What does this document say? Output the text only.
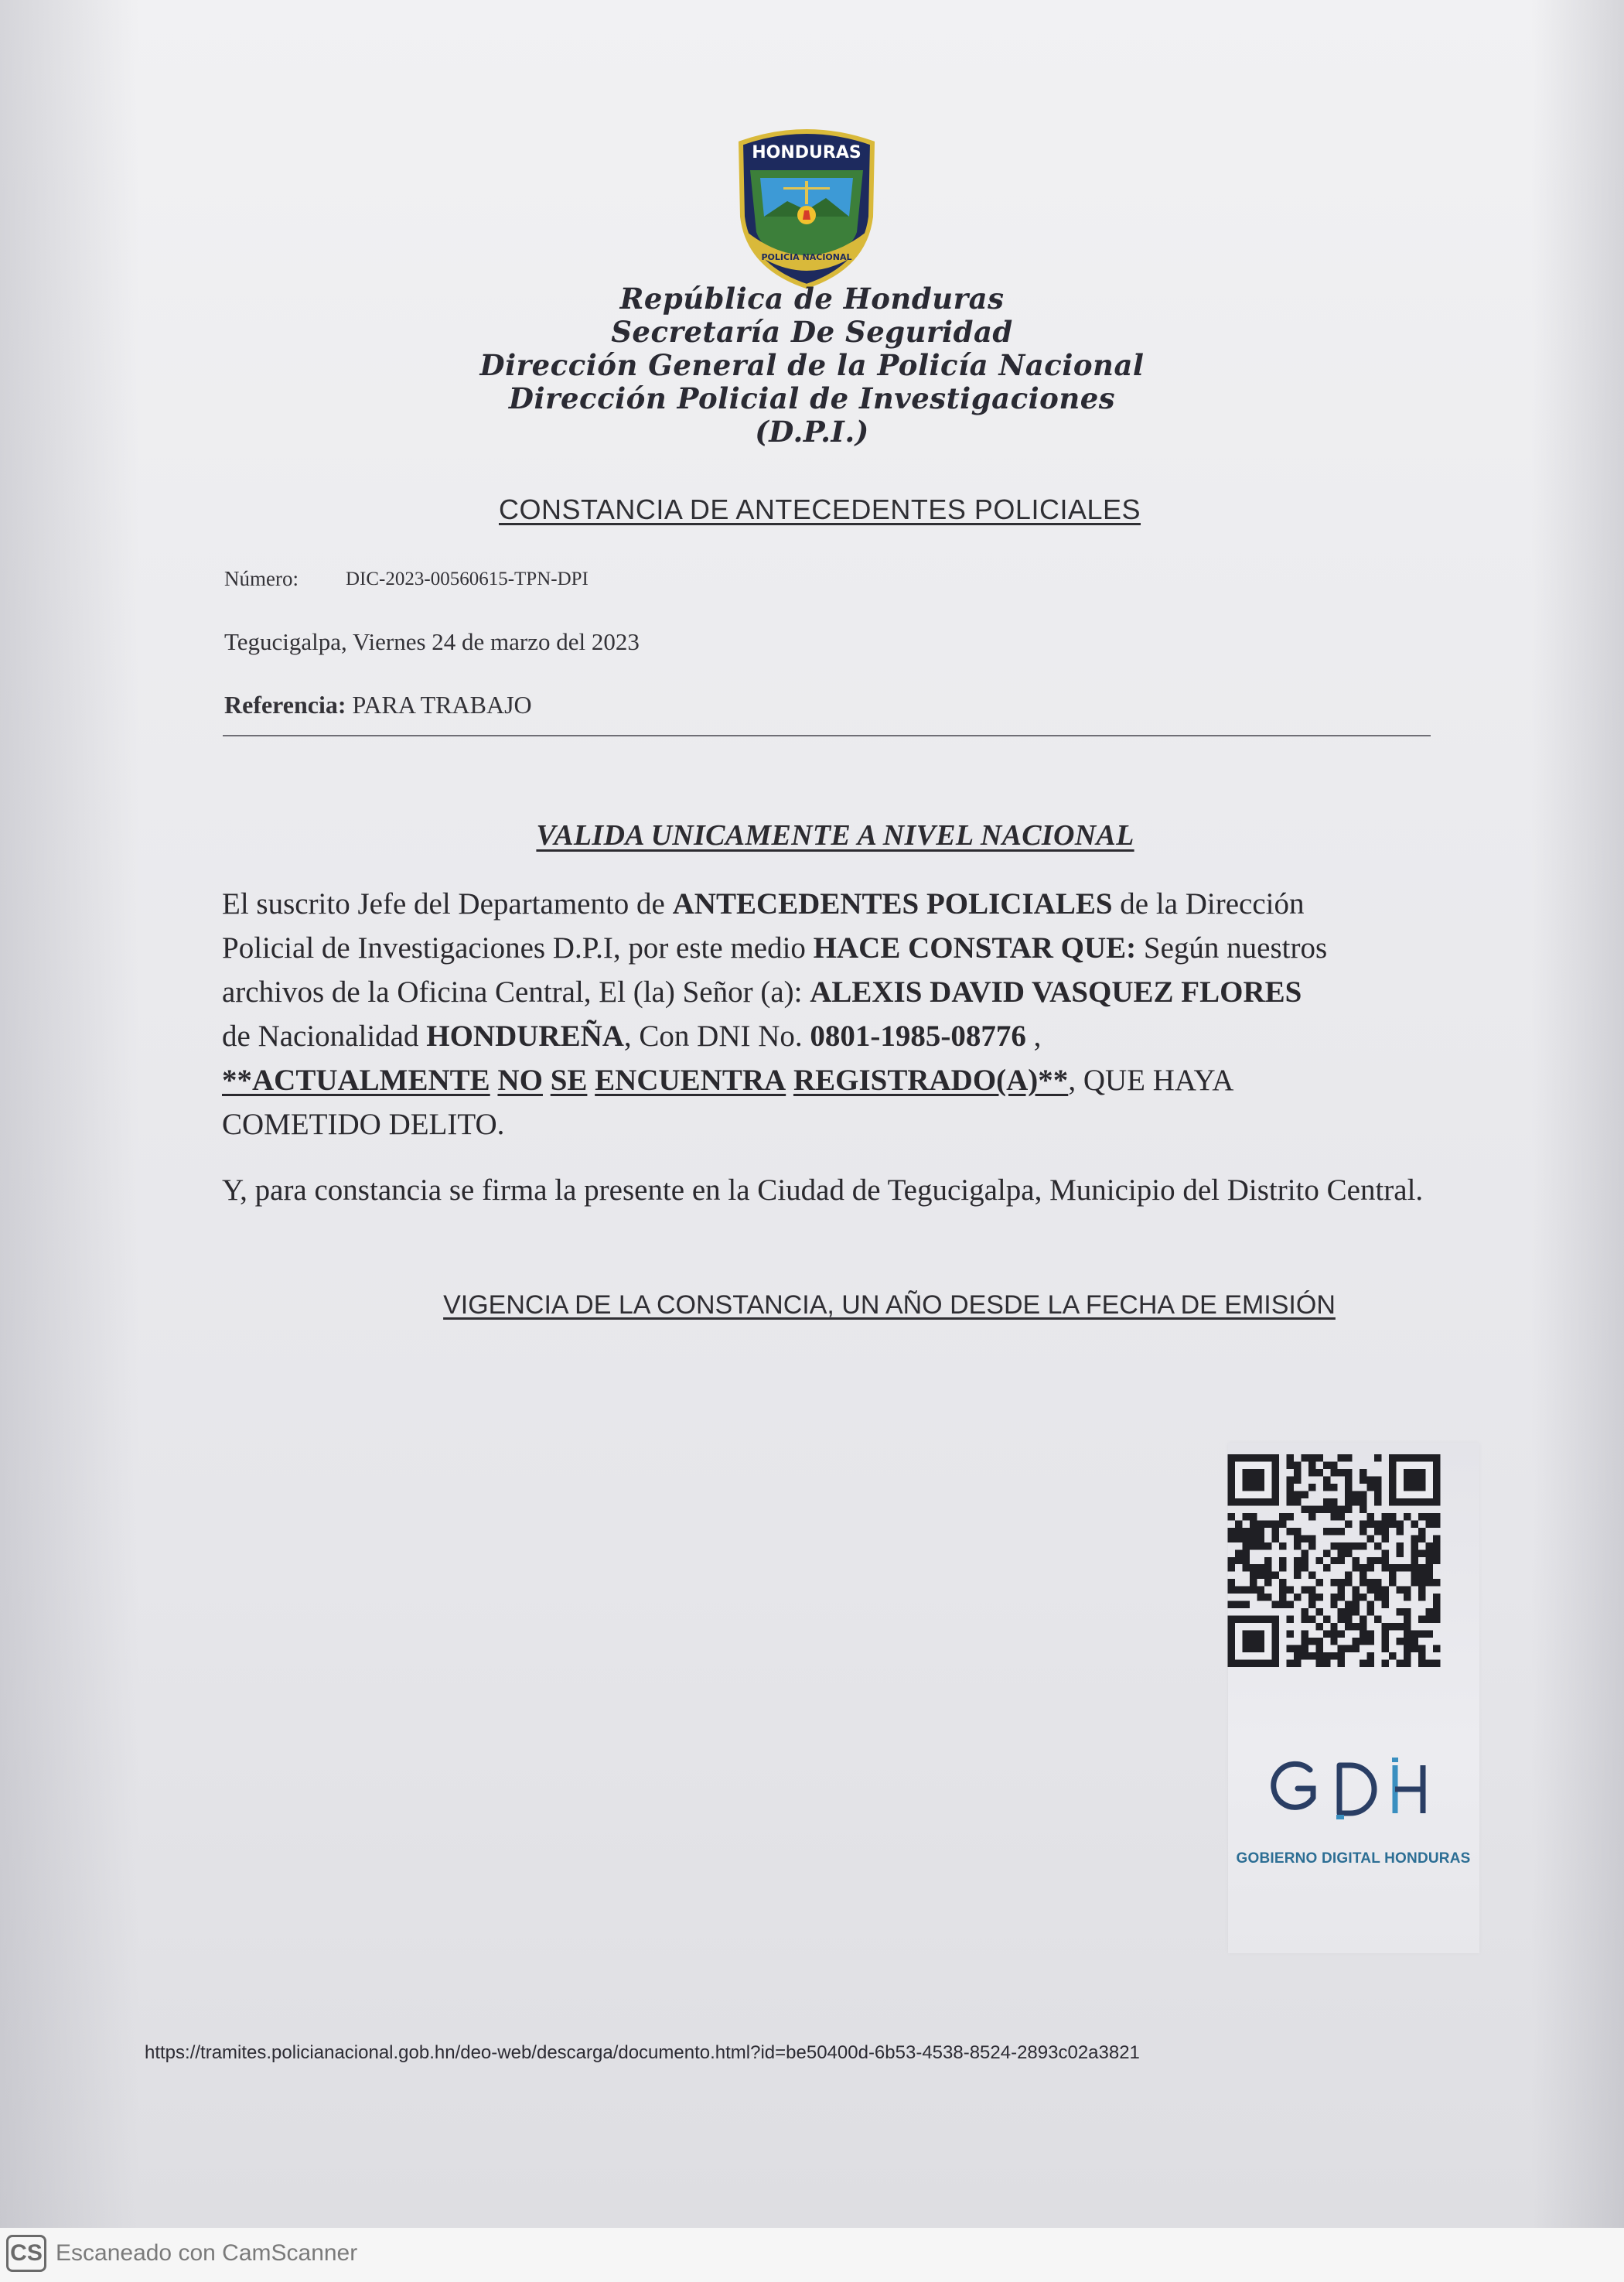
HONDURAS
POLICIA NACIONAL
República de Honduras
Secretaría De Seguridad
Dirección General de la Policía Nacional
Dirección Policial de Investigaciones
(D.P.I.)
CONSTANCIA DE ANTECEDENTES POLICIALES
Número: DIC-2023-00560615-TPN-DPI
Tegucigalpa, Viernes 24 de marzo del 2023
Referencia: PARA TRABAJO
VALIDA UNICAMENTE A NIVEL NACIONAL
El suscrito Jefe del Departamento de ANTECEDENTES POLICIALES de la Dirección
Policial de Investigaciones D.P.I, por este medio HACE CONSTAR QUE: Según nuestros
archivos de la Oficina Central, El (la) Señor (a): ALEXIS DAVID VASQUEZ FLORES
de Nacionalidad HONDUREÑA, Con DNI No. 0801-1985-08776 ,
**ACTUALMENTE NO SE ENCUENTRA REGISTRADO(A)**, QUE HAYA
COMETIDO DELITO.
Y, para constancia se firma la presente en la Ciudad de Tegucigalpa, Municipio del Distrito Central.
VIGENCIA DE LA CONSTANCIA, UN AÑO DESDE LA FECHA DE EMISIÓN
GOBIERNO DIGITAL HONDURAS
https://tramites.policianacional.gob.hn/deo-web/descarga/documento.html?id=be50400d-6b53-4538-8524-2893c02a3821
CS Escaneado con CamScanner
